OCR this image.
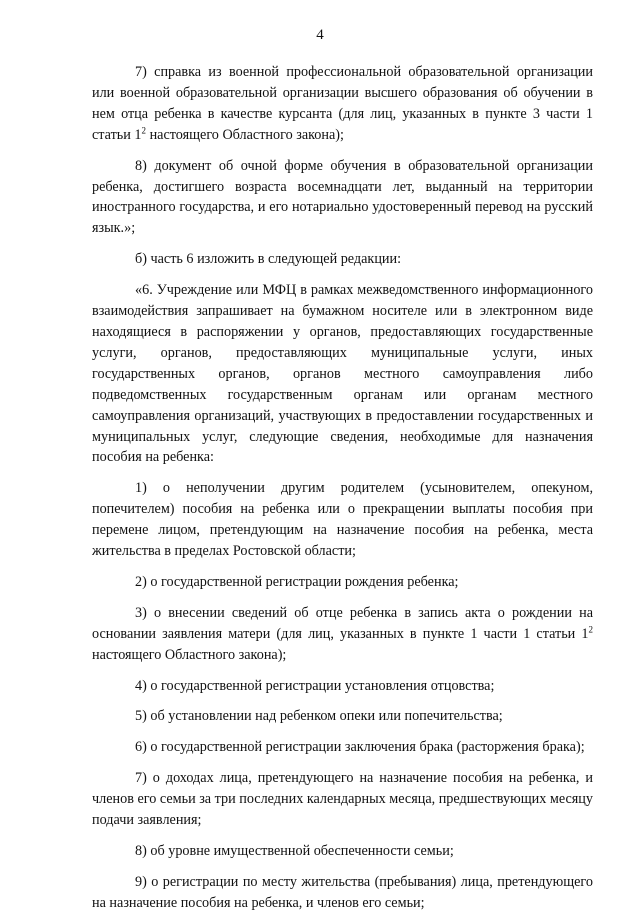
4

7) справка из военной профессиональной образовательной организации или военной образовательной организации высшего образования об обучении в нем отца ребенка в качестве курсанта (для лиц, указанных в пункте 3 части 1 статьи $1^2$ настоящего Областного закона);

8) документ об очной форме обучения в образовательной организации ребенка, достигшего возраста восемнадцати лет, выданный на территории иностранного государства, и его нотариально удостоверенный перевод на русский язык.»;

б) часть 6 изложить в следующей редакции:

«6. Учреждение или МФЦ в рамках межведомственного информационного взаимодействия запрашивает на бумажном носителе или в электронном виде находящиеся в распоряжении у органов, предоставляющих государственные услуги, органов, предоставляющих муниципальные услуги, иных государственных органов, органов местного самоуправления либо подведомственных государственным органам или органам местного самоуправления организаций, участвующих в предоставлении государственных и муниципальных услуг, следующие сведения, необходимые для назначения пособия на ребенка:

1) о неполучении другим родителем (усыновителем, опекуном, попечителем) пособия на ребенка или о прекращении выплаты пособия при перемене лицом, претендующим на назначение пособия на ребенка, места жительства в пределах Ростовской области;

2) о государственной регистрации рождения ребенка;

3) о внесении сведений об отце ребенка в запись акта о рождении на основании заявления матери (для лиц, указанных в пункте 1 части 1 статьи $1^2$ настоящего Областного закона);

4) о государственной регистрации установления отцовства;

5) об установлении над ребенком опеки или попечительства;

6) о государственной регистрации заключения брака (расторжения брака);

7) о доходах лица, претендующего на назначение пособия на ребенка, и членов его семьи за три последних календарных месяца, предшествующих месяцу подачи заявления;

8) об уровне имущественной обеспеченности семьи;

9) о регистрации по месту жительства (пребывания) лица, претендующего на назначение пособия на ребенка, и членов его семьи;
